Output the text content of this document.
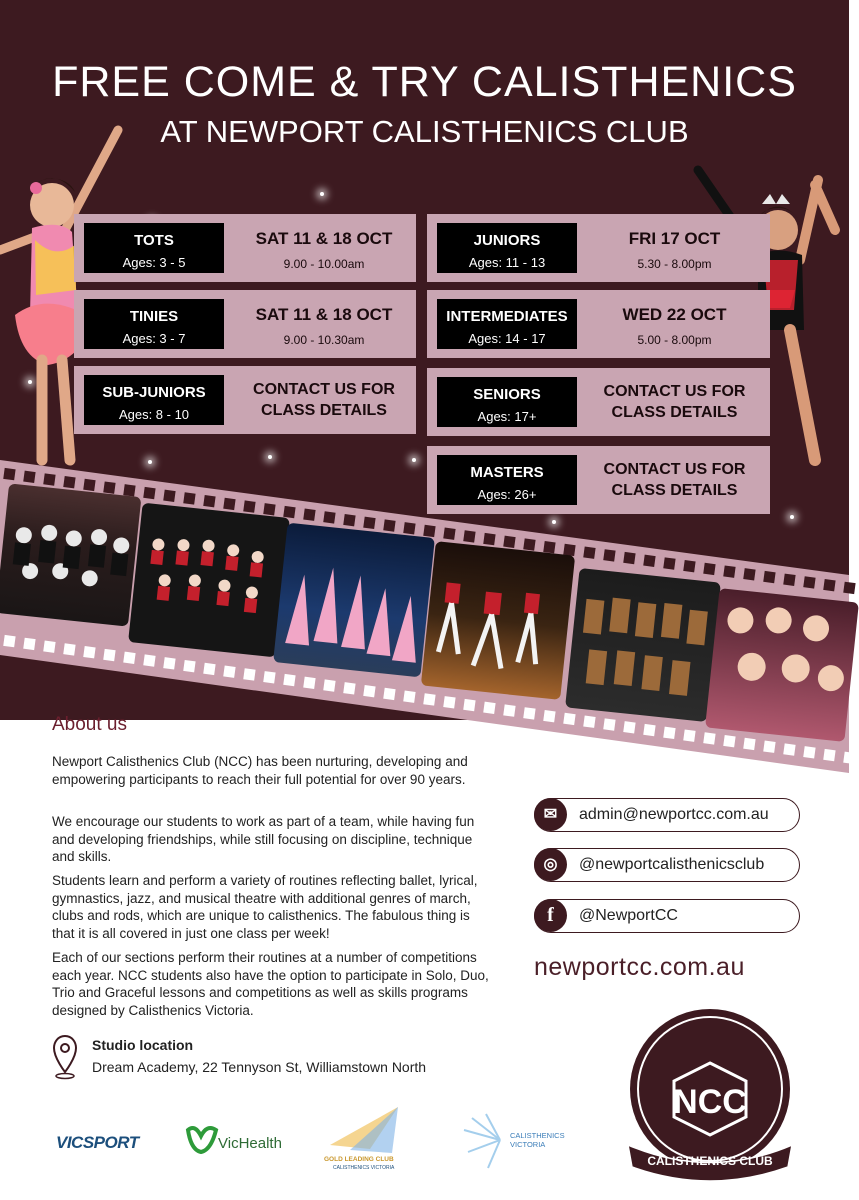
FREE COME & TRY CALISTHENICS
AT NEWPORT CALISTHENICS CLUB
TOTS
Ages: 3 - 5
SAT 11 & 18 OCT
9.00 - 10.00am
TINIES
Ages: 3 - 7
SAT 11 & 18 OCT
9.00 - 10.30am
SUB-JUNIORS
Ages: 8 - 10
CONTACT US FOR
CLASS DETAILS
JUNIORS
Ages: 11 - 13
FRI 17 OCT
5.30 - 8.00pm
INTERMEDIATES
Ages: 14 - 17
WED 22 OCT
5.00 - 8.00pm
SENIORS
Ages: 17+
CONTACT US FOR
CLASS DETAILS
MASTERS
Ages: 26+
CONTACT US FOR
CLASS DETAILS
About us

Newport Calisthenics Club (NCC) has been nurturing, developing and empowering participants to reach their full potential for over 90 years.

We encourage our students to work as part of a team, while having fun and developing friendships, while still focusing on discipline, technique and skills.

Students learn and perform a variety of routines reflecting ballet, lyrical, gymnastics, jazz, and musical theatre with additional genres of march, clubs and rods, which are unique to calisthenics. The fabulous thing is that it is all covered in just one class per week!

Each of our sections perform their routines at a number of competitions each year. NCC students also have the option to participate in Solo, Duo, Trio and Graceful lessons and competitions as well as skills programs designed by Calisthenics Victoria.

Studio location
Dream Academy, 22 Tennyson St, Williamstown North
✉	admin@newportcc.com.au
◎	@newportcalisthenicsclub
f	@NewportCC
newportcc.com.au
NEWPORT
NCC
CALISTHENICS CLUB
VICSPORT	VicHealth
GOLD LEADING CLUB
CALISTHENICS VICTORIA
CALISTHENICS
VICTORIA
